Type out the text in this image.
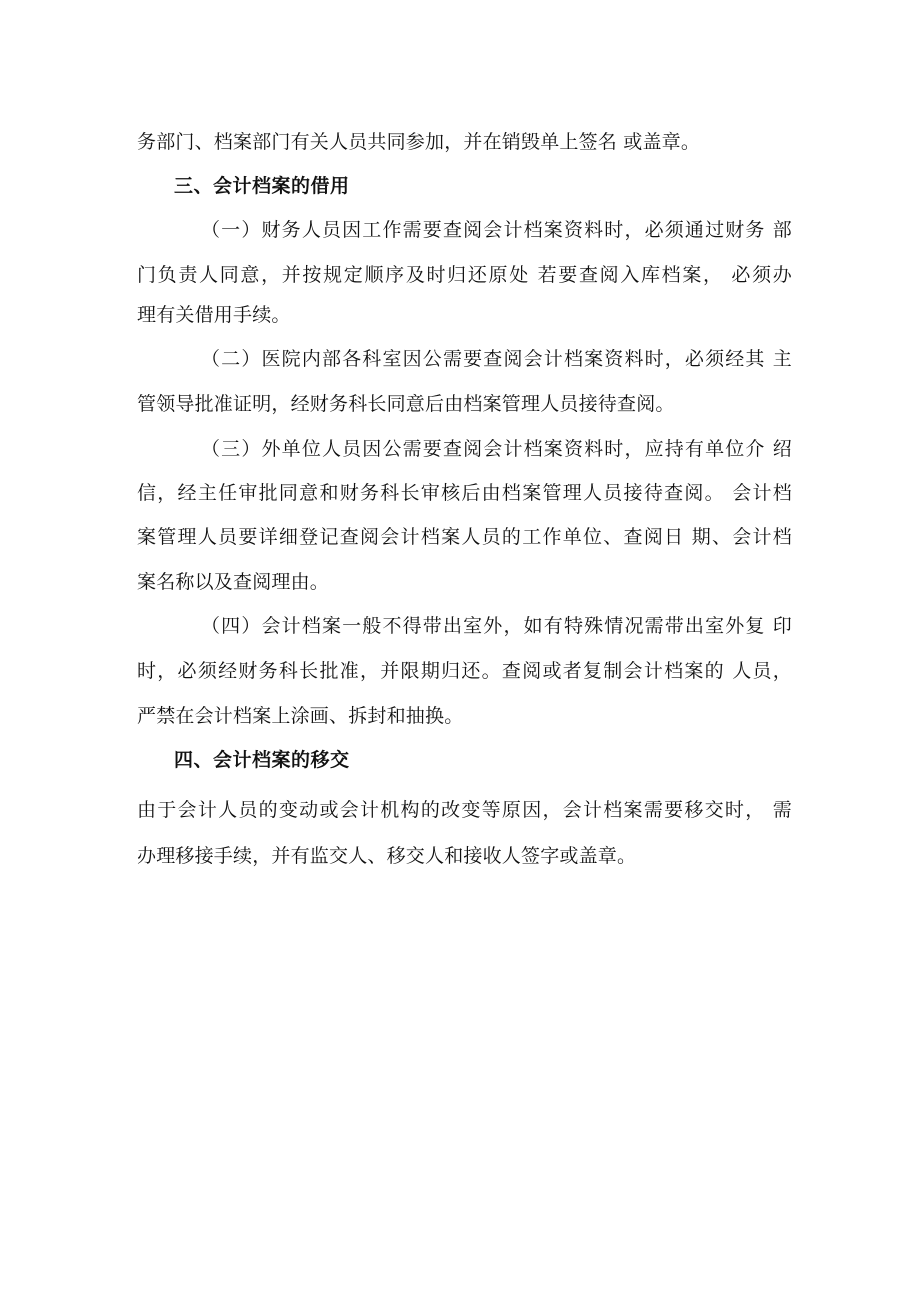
务部门、档案部门有关人员共同参加，并在销毁单上签名 或盖章。
三、会计档案的借用
（一）财务人员因工作需要查阅会计档案资料时，必须通过财务 部
门负责人同意，并按规定顺序及时归还原处 若要查阅入库档案， 必须办
理有关借用手续。
（二）医院内部各科室因公需要查阅会计档案资料时，必须经其 主
管领导批准证明，经财务科长同意后由档案管理人员接待查阅。
（三）外单位人员因公需要查阅会计档案资料时，应持有单位介 绍
信，经主任审批同意和财务科长审核后由档案管理人员接待查阅。 会计档
案管理人员要详细登记查阅会计档案人员的工作单位、查阅日 期、会计档
案名称以及查阅理由。
（四）会计档案一般不得带出室外，如有特殊情况需带出室外复 印
时，必须经财务科长批准，并限期归还。查阅或者复制会计档案的 人员，
严禁在会计档案上涂画、拆封和抽换。
四、会计档案的移交
由于会计人员的变动或会计机构的改变等原因，会计档案需要移交时， 需
办理移接手续，并有监交人、移交人和接收人签字或盖章。
